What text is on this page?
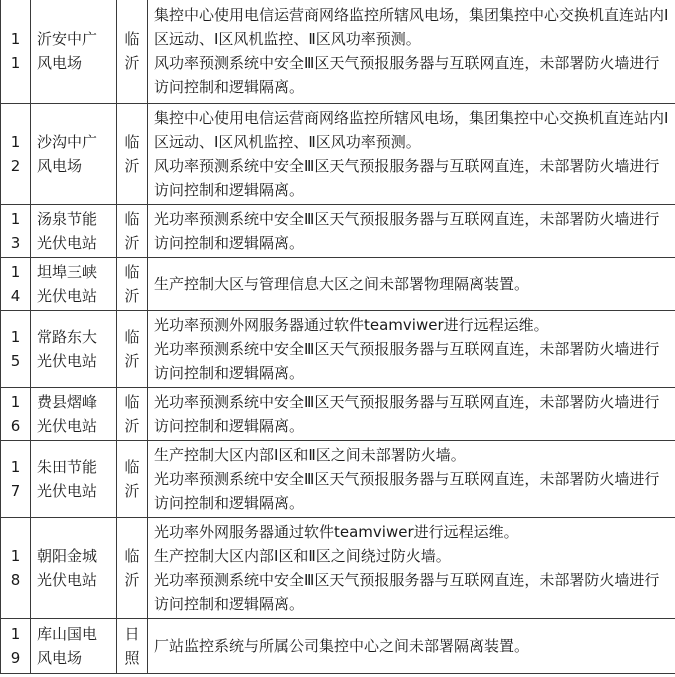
11	沂安中广风电场	临沂	集控中心使用电信运营商网络监控所辖风电场，集团集控中心交换机直连站内Ⅰ区远动、Ⅰ区风机监控、Ⅱ区风功率预测。
风功率预测系统中安全Ⅲ区天气预报服务器与互联网直连，未部署防火墙进行访问控制和逻辑隔离。

12	沙沟中广风电场	临沂	集控中心使用电信运营商网络监控所辖风电场，集团集控中心交换机直连站内Ⅰ区远动、Ⅰ区风机监控、Ⅱ区风功率预测。
风功率预测系统中安全Ⅲ区天气预报服务器与互联网直连，未部署防火墙进行访问控制和逻辑隔离。

13	汤泉节能光伏电站	临沂	光功率预测系统中安全Ⅲ区天气预报服务器与互联网直连，未部署防火墙进行访问控制和逻辑隔离。

14	坦埠三峡光伏电站	临沂	生产控制大区与管理信息大区之间未部署物理隔离装置。

15	常路东大光伏电站	临沂	光功率预测外网服务器通过软件teamviwer进行远程运维。
光功率预测系统中安全Ⅲ区天气预报服务器与互联网直连，未部署防火墙进行访问控制和逻辑隔离。

16	费县熠峰光伏电站	临沂	光功率预测系统中安全Ⅲ区天气预报服务器与互联网直连，未部署防火墙进行访问控制和逻辑隔离。

17	朱田节能光伏电站	临沂	生产控制大区内部Ⅰ区和Ⅱ区之间未部署防火墙。
光功率预测系统中安全Ⅲ区天气预报服务器与互联网直连，未部署防火墙进行访问控制和逻辑隔离。

18	朝阳金城光伏电站	临沂	光功率外网服务器通过软件teamviwer进行远程运维。
生产控制大区内部Ⅰ区和Ⅱ区之间绕过防火墙。
光功率预测系统中安全Ⅲ区天气预报服务器与互联网直连，未部署防火墙进行访问控制和逻辑隔离。

19	库山国电风电场	日照	厂站监控系统与所属公司集控中心之间未部署隔离装置。
